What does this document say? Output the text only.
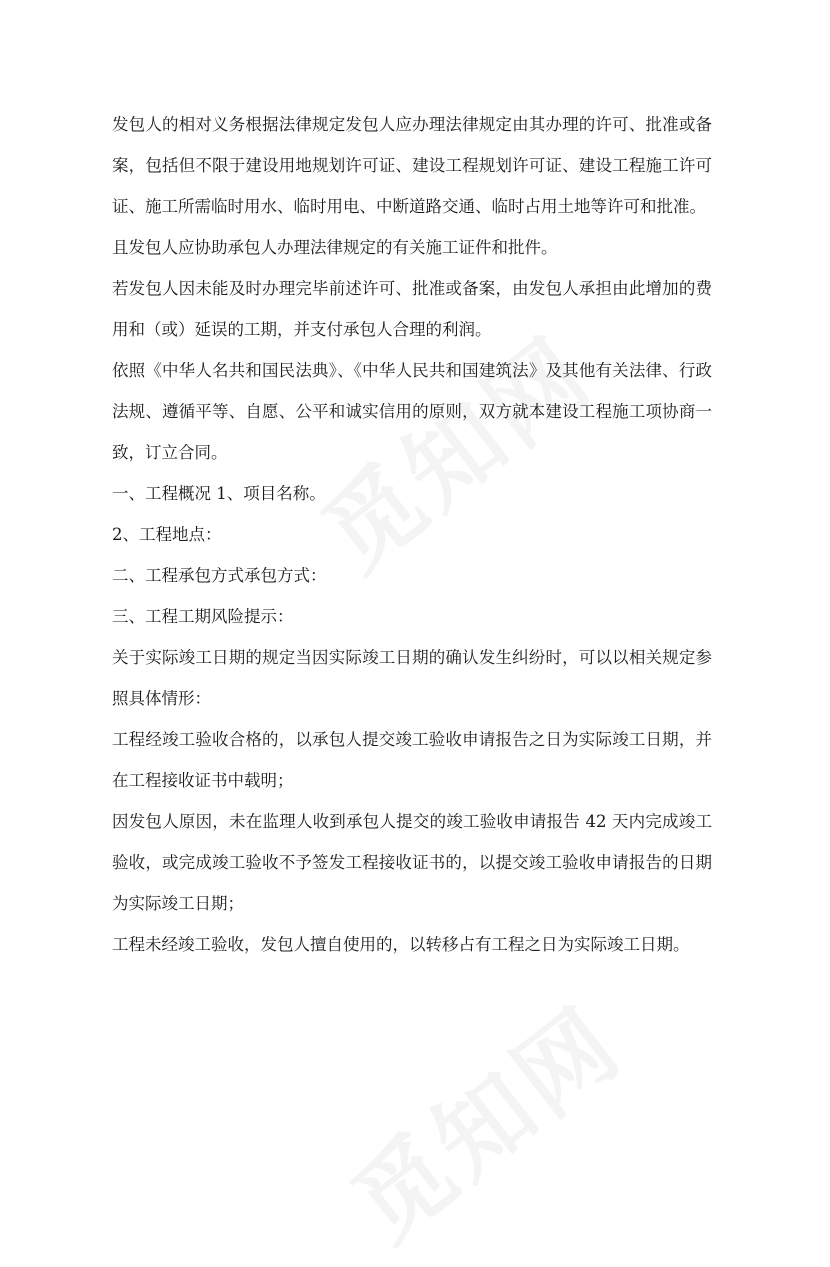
发包人的相对义务根据法律规定发包人应办理法律规定由其办理的许可、批准或备案，包括但不限于建设用地规划许可证、建设工程规划许可证、建设工程施工许可证、施工所需临时用水、临时用电、中断道路交通、临时占用土地等许可和批准。

且发包人应协助承包人办理法律规定的有关施工证件和批件。

若发包人因未能及时办理完毕前述许可、批准或备案，由发包人承担由此增加的费用和（或）延误的工期，并支付承包人合理的利润。

依照《中华人名共和国民法典》、《中华人民共和国建筑法》及其他有关法律、行政法规、遵循平等、自愿、公平和诚实信用的原则，双方就本建设工程施工项协商一致，订立合同。

一、工程概况 1、项目名称。

2、工程地点：

二、工程承包方式承包方式：

三、工程工期风险提示：

关于实际竣工日期的规定当因实际竣工日期的确认发生纠纷时，可以以相关规定参照具体情形：

工程经竣工验收合格的，以承包人提交竣工验收申请报告之日为实际竣工日期，并在工程接收证书中载明；

因发包人原因，未在监理人收到承包人提交的竣工验收申请报告 42 天内完成竣工验收，或完成竣工验收不予签发工程接收证书的，以提交竣工验收申请报告的日期为实际竣工日期；

工程未经竣工验收，发包人擅自使用的，以转移占有工程之日为实际竣工日期。
